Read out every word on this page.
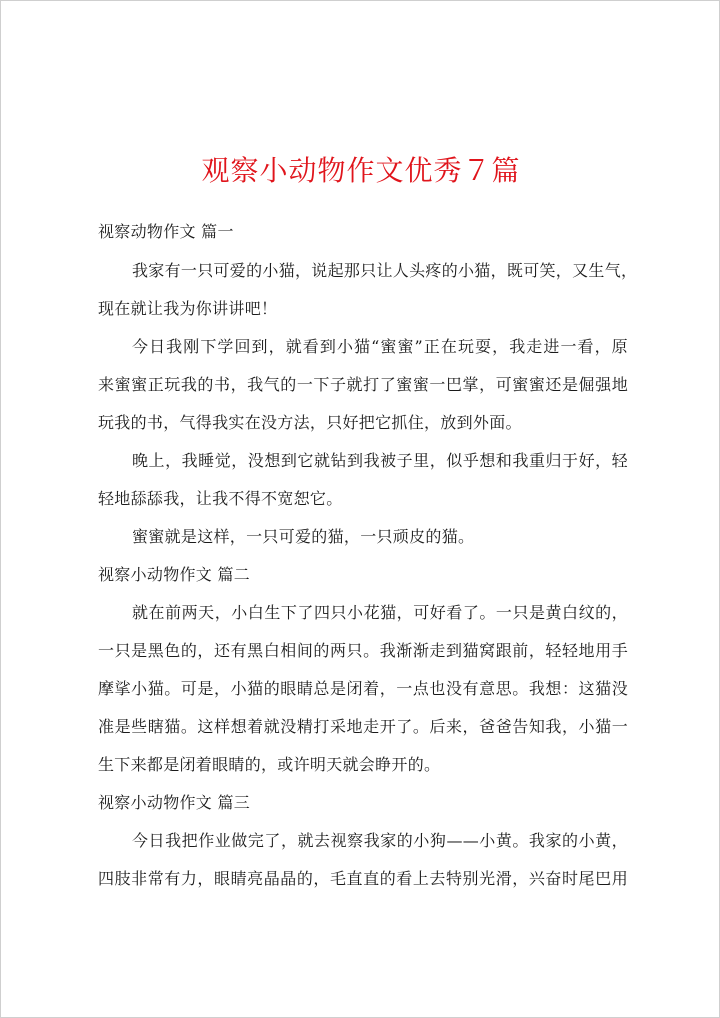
观察小动物作文优秀７篇
视察动物作文 篇一
我家有一只可爱的小猫，说起那只让人头疼的小猫，既可笑，又生气，
现在就让我为你讲讲吧！
今日我刚下学回到，就看到小猫“蜜蜜”正在玩耍，我走进一看，原
来蜜蜜正玩我的书，我气的一下子就打了蜜蜜一巴掌，可蜜蜜还是倔强地
玩我的书，气得我实在没方法，只好把它抓住，放到外面。
晚上，我睡觉，没想到它就钻到我被子里，似乎想和我重归于好，轻
轻地舔舔我，让我不得不宽恕它。
蜜蜜就是这样，一只可爱的猫，一只顽皮的猫。
视察小动物作文 篇二
就在前两天，小白生下了四只小花猫，可好看了。一只是黄白纹的，
一只是黑色的，还有黑白相间的两只。我渐渐走到猫窝跟前，轻轻地用手
摩挲小猫。可是，小猫的眼睛总是闭着，一点也没有意思。我想：这猫没
准是些瞎猫。这样想着就没精打采地走开了。后来，爸爸告知我，小猫一
生下来都是闭着眼睛的，或许明天就会睁开的。
视察小动物作文 篇三
今日我把作业做完了，就去视察我家的小狗——小黄。我家的小黄，
四肢非常有力，眼睛亮晶晶的，毛直直的看上去特别光滑，兴奋时尾巴用
